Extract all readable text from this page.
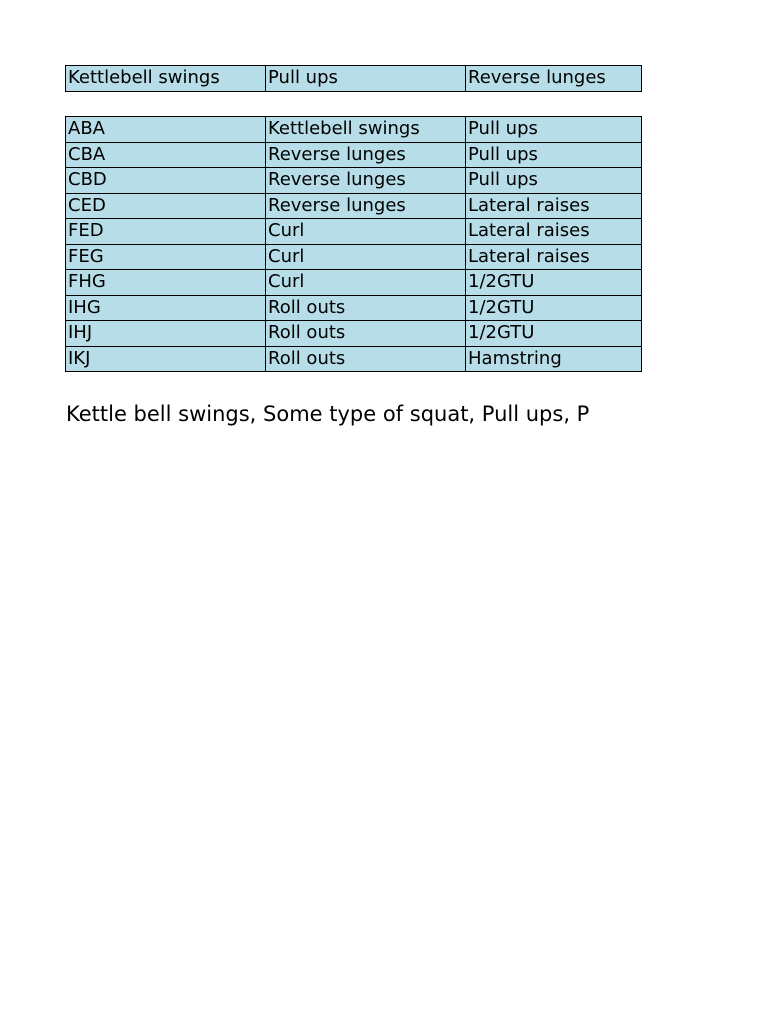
Kettlebell swings	Pull ups	Reverse lunges
ABA	Kettlebell swings	Pull ups
CBA	Reverse lunges	Pull ups
CBD	Reverse lunges	Pull ups
CED	Reverse lunges	Lateral raises
FED	Curl	Lateral raises
FEG	Curl	Lateral raises
FHG	Curl	1/2GTU
IHG	Roll outs	1/2GTU
IHJ	Roll outs	1/2GTU
IKJ	Roll outs	Hamstring
Kettle bell swings, Some type of squat, Pull ups, P
